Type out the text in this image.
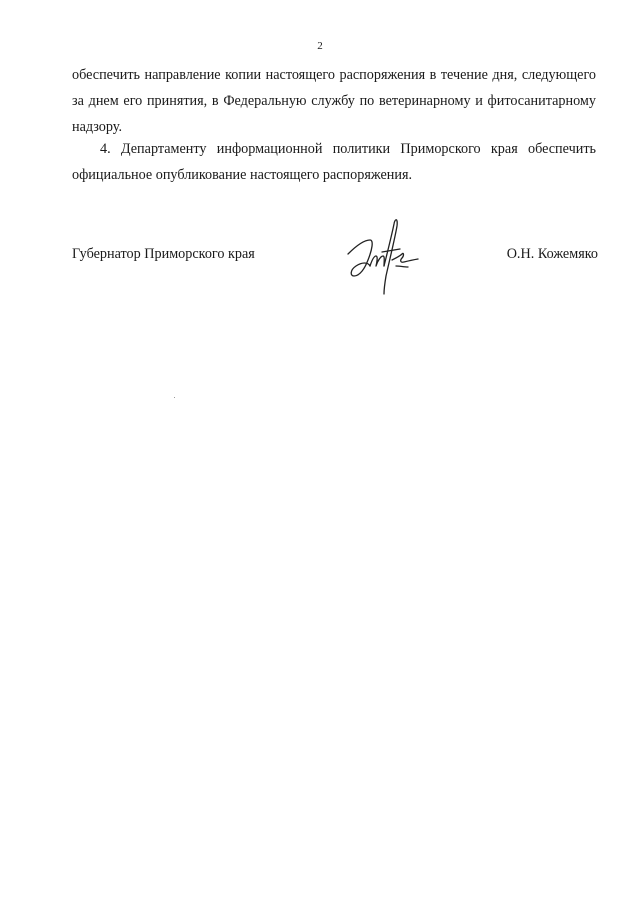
2

обеспечить направление копии настоящего распоряжения в течение дня, следующего за днем его принятия, в Федеральную службу по ветеринарному и фитосанитарному надзору.

4. Департаменту информационной политики Приморского края обеспечить официальное опубликование настоящего распоряжения.

Губернатор Приморского края	О.Н. Кожемяко
